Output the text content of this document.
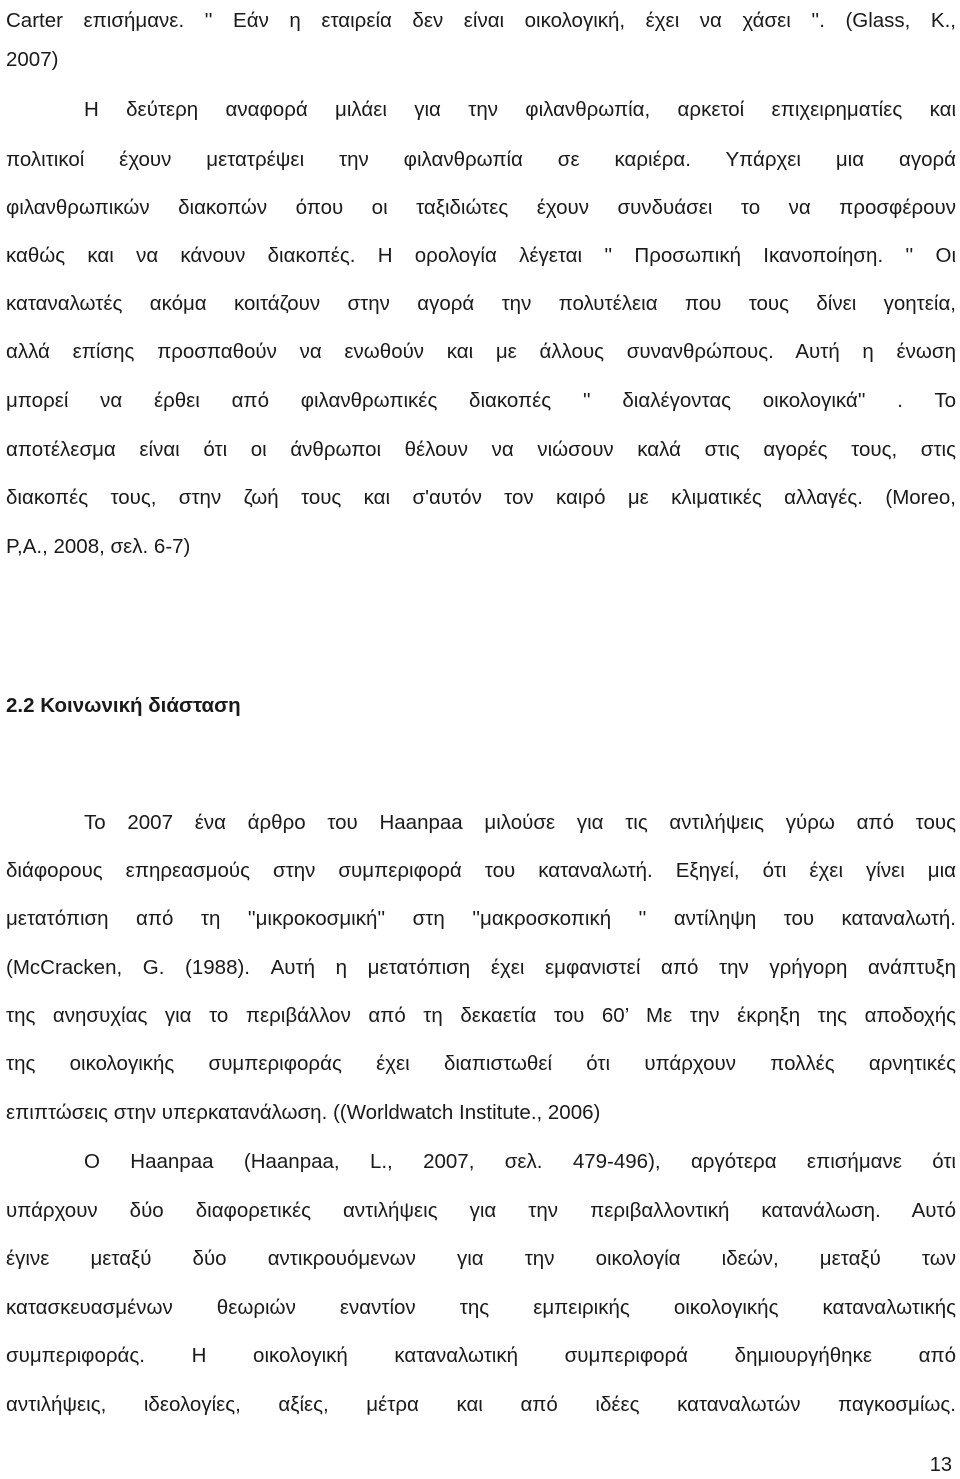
Carter επισήμανε. '' Εάν η εταιρεία δεν είναι οικολογική, έχει να χάσει ''. (Glass, K.,
2007)
Η δεύτερη αναφορά μιλάει για την φιλανθρωπία, αρκετοί επιχειρηματίες και
πολιτικοί έχουν μετατρέψει την φιλανθρωπία σε καριέρα. Υπάρχει μια αγορά
φιλανθρωπικών διακοπών όπου οι ταξιδιώτες έχουν συνδυάσει το να προσφέρουν
καθώς και να κάνουν διακοπές. Η ορολογία λέγεται '' Προσωπική Ικανοποίηση. '' Οι
καταναλωτές ακόμα κοιτάζουν στην αγορά την πολυτέλεια που τους δίνει γοητεία,
αλλά επίσης προσπαθούν να ενωθούν και με άλλους συνανθρώπους. Αυτή η ένωση
μπορεί να έρθει από φιλανθρωπικές διακοπές '' διαλέγοντας οικολογικά'' . Το
αποτέλεσμα είναι ότι οι άνθρωποι θέλουν να νιώσουν καλά στις αγορές τους, στις
διακοπές τους, στην ζωή τους και σ'αυτόν τον καιρό με κλιματικές αλλαγές. (Moreo,
P,A., 2008, σελ. 6-7)
2.2 Κοινωνική διάσταση
Το 2007 ένα άρθρο του Haanpaa μιλούσε για τις αντιλήψεις γύρω από τους
διάφορους επηρεασμούς στην συμπεριφορά του καταναλωτή. Εξηγεί, ότι έχει γίνει μια
μετατόπιση από τη ''μικροκοσμική'' στη ''μακροσκοπική '' αντίληψη του καταναλωτή.
(McCracken, G. (1988). Αυτή η μετατόπιση έχει εμφανιστεί από την γρήγορη ανάπτυξη
της ανησυχίας για το περιβάλλον από τη δεκαετία του 60’ Με την έκρηξη της αποδοχής
της οικολογικής συμπεριφοράς έχει διαπιστωθεί ότι υπάρχουν πολλές αρνητικές
επιπτώσεις στην υπερκατανάλωση. ((Worldwatch Institute., 2006)
Ο Haanpaa (Haanpaa, L., 2007, σελ. 479-496), αργότερα επισήμανε ότι
υπάρχουν δύο διαφορετικές αντιλήψεις για την περιβαλλοντική κατανάλωση. Αυτό
έγινε μεταξύ δύο αντικρουόμενων για την οικολογία ιδεών, μεταξύ των
κατασκευασμένων θεωριών εναντίον της εμπειρικής οικολογικής καταναλωτικής
συμπεριφοράς. Η οικολογική καταναλωτική συμπεριφορά δημιουργήθηκε από
αντιλήψεις, ιδεολογίες, αξίες, μέτρα και από ιδέες καταναλωτών παγκοσμίως.
13
